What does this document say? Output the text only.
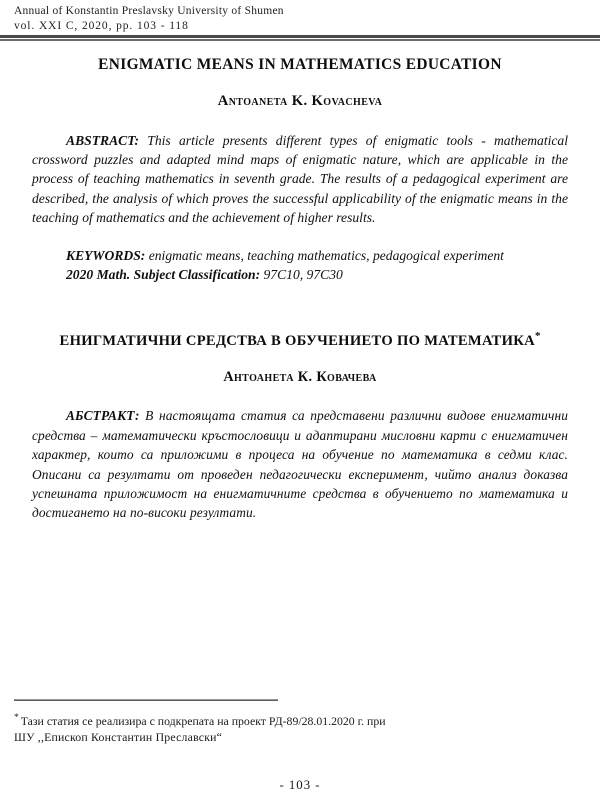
Annual of Konstantin Preslavsky University of Shumen
vol. XXI C, 2020, pp. 103 - 118
ENIGMATIC MEANS IN MATHEMATICS EDUCATION
Antoaneta K. Kovacheva

ABSTRACT: This article presents different types of enigmatic tools - mathematical crossword puzzles and adapted mind maps of enigmatic nature, which are applicable in the process of teaching mathematics in seventh grade. The results of a pedagogical experiment are described, the analysis of which proves the successful applicability of the enigmatic means in the teaching of mathematics and the achievement of higher results.

KEYWORDS: enigmatic means, teaching mathematics, pedagogical experiment

2020 Math. Subject Classification: 97C10, 97C30

ЕНИГМАТИЧНИ СРЕДСТВА В ОБУЧЕНИЕТО ПО МАТЕМАТИКА*
Антоанета К. Ковачева

АБСТРАКТ: В настоящата статия са представени различни видове енигматични средства – математически кръстословици и адаптирани мисловни карти с енигматичен характер, които са приложими в процеса на обучение по математика в седми клас. Описани са резултати от проведен педагогически експеримент, чийто анализ доказва успешната приложимост на енигматичните средства в обучението по математика и достигането на по-високи резултати.

* Тази статия се реализира с подкрепата на проект РД-89/28.01.2020 г. при
ШУ ,,Епископ Константин Преславски“
- 103 -
